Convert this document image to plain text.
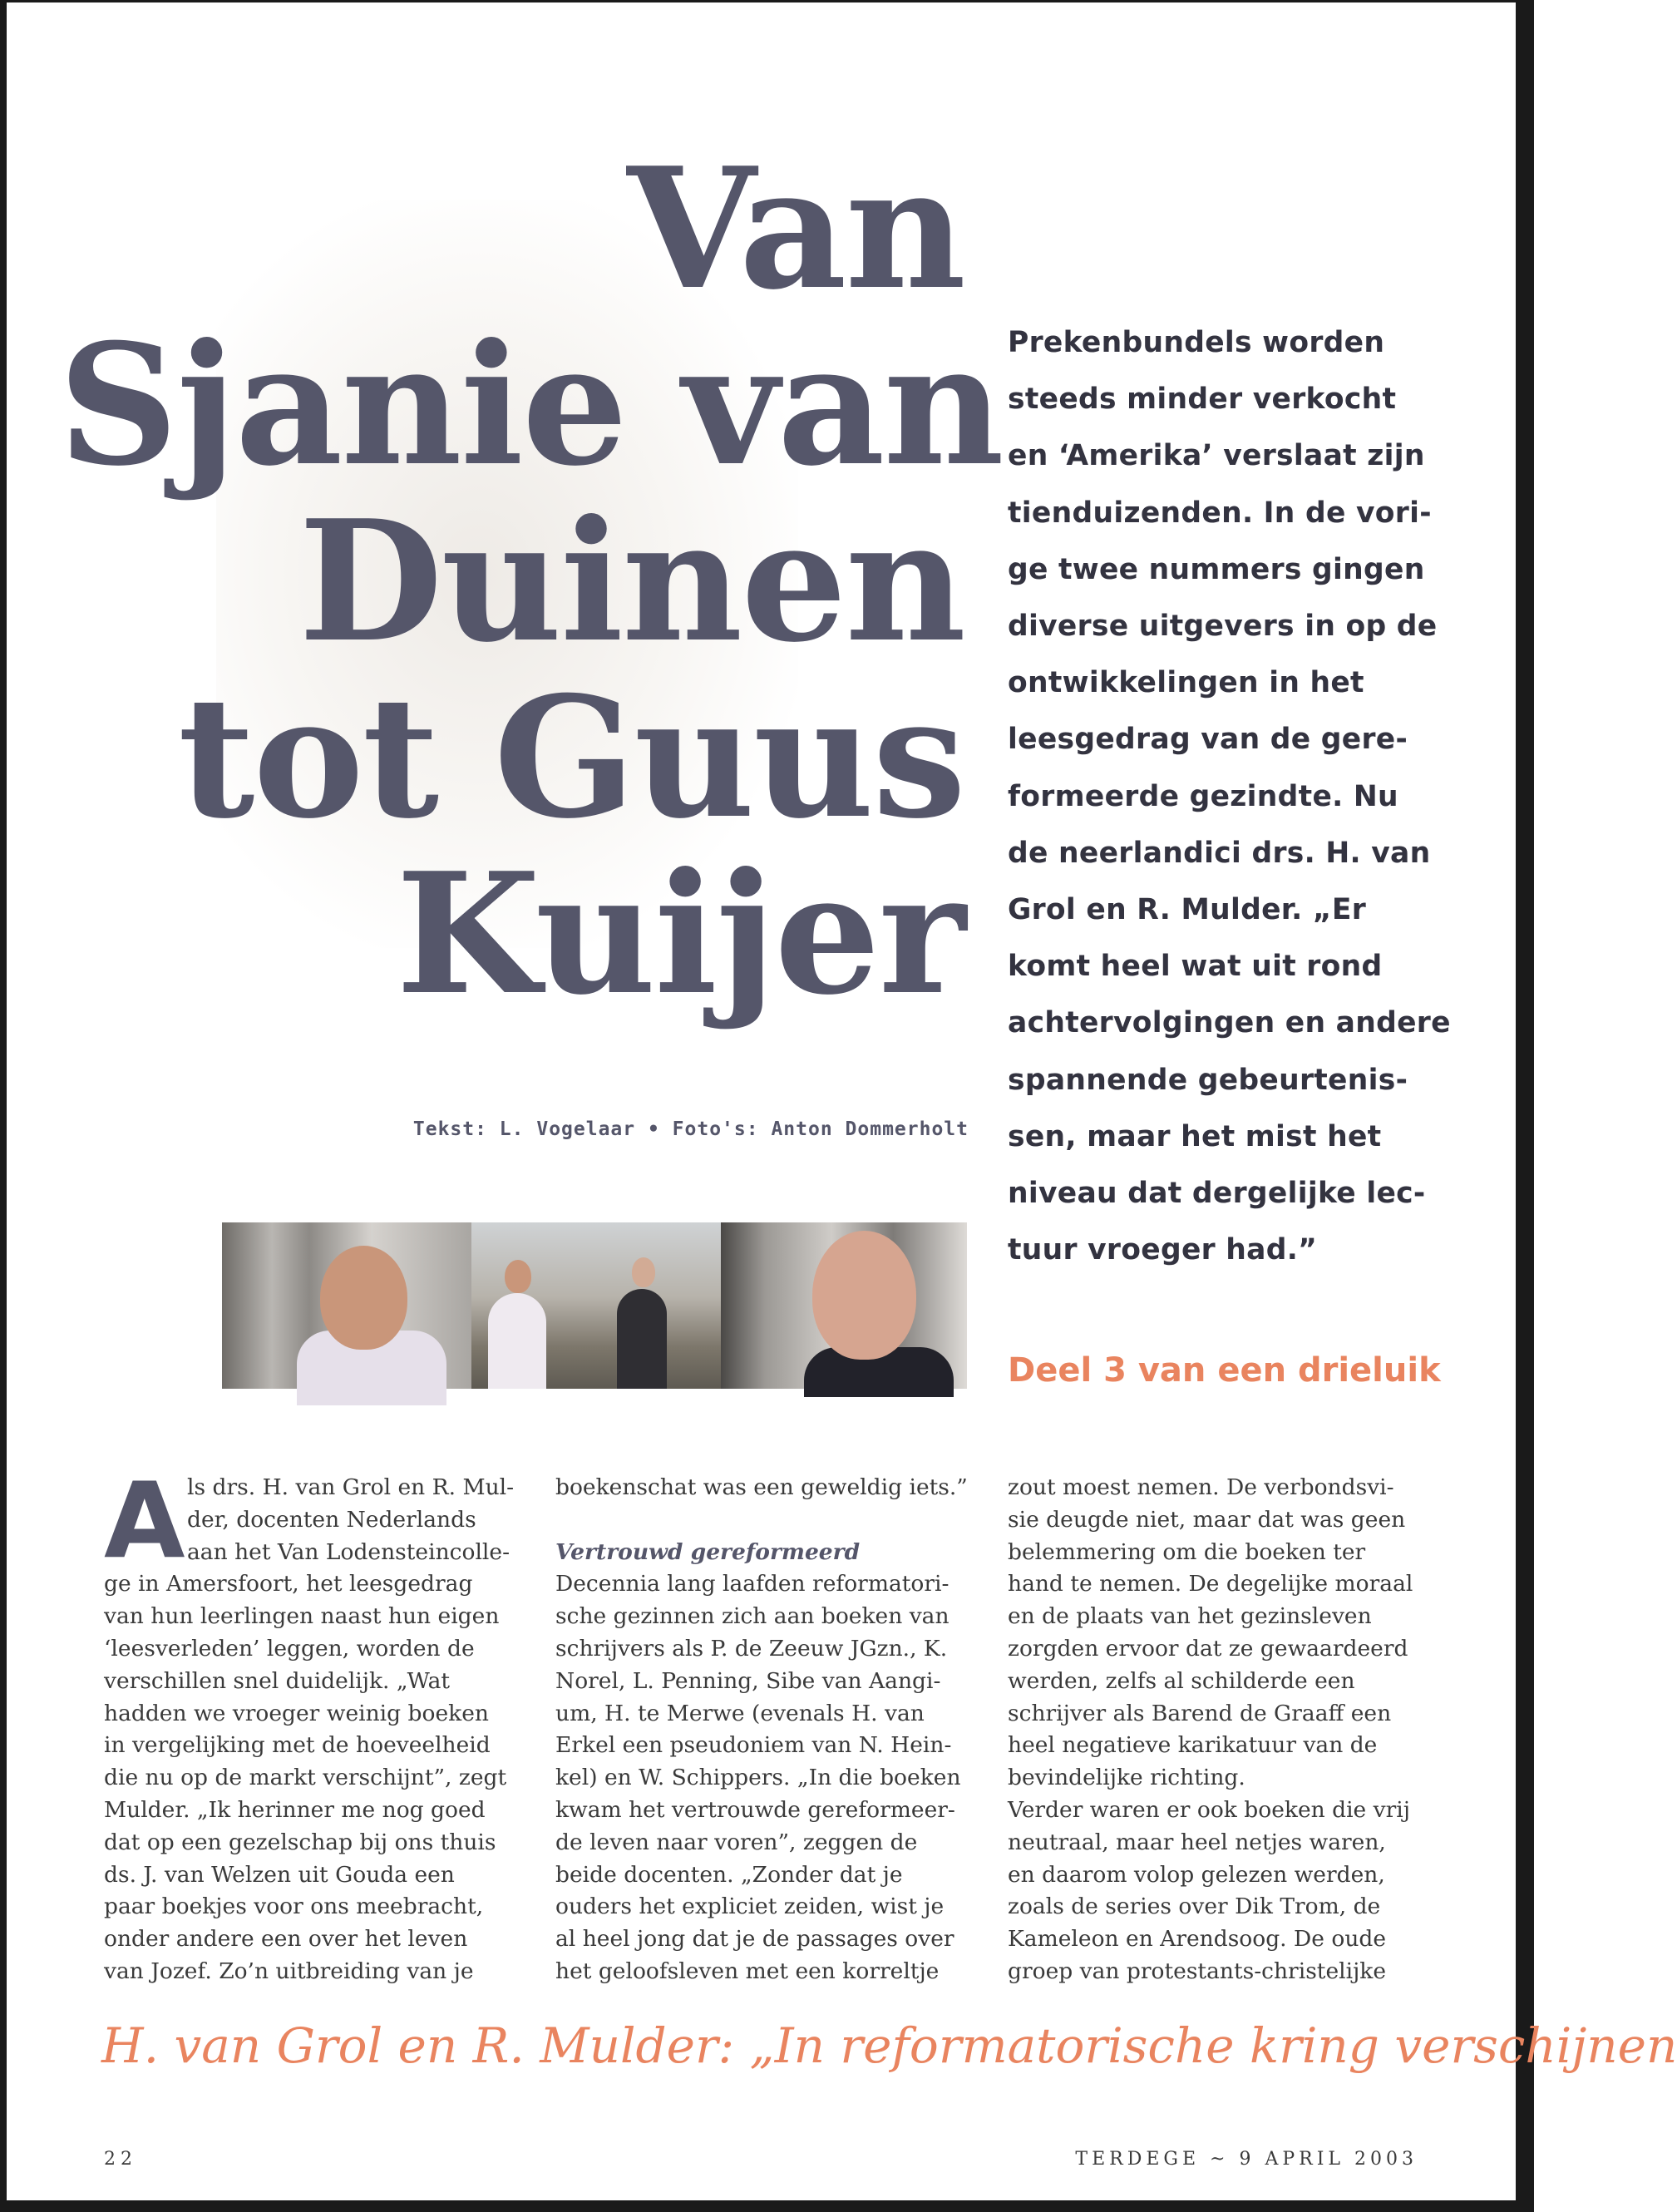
Van
Sjanie van
Duinen
tot Guus
Kuijer
Tekst: L. Vogelaar • Foto's: Anton Dommerholt
Prekenbundels worden
steeds minder verkocht
en ‘Amerika’ verslaat zijn
tienduizenden. In de vori-
ge twee nummers gingen
diverse uitgevers in op de
ontwikkelingen in het
leesgedrag van de gere-
formeerde gezindte. Nu
de neerlandici drs. H. van
Grol en R. Mulder. „Er
komt heel wat uit rond
achtervolgingen en andere
spannende gebeurtenis-
sen, maar het mist het
niveau dat dergelijke lec-
tuur vroeger had.”
Deel 3 van een drieluik
A ls drs. H. van Grol en R. Mul-

der, docenten Nederlands

aan het Van Lodensteincolle-

ge in Amersfoort, het leesgedrag

van hun leerlingen naast hun eigen

‘leesverleden’ leggen, worden de

verschillen snel duidelijk. „Wat

hadden we vroeger weinig boeken

in vergelijking met de hoeveelheid

die nu op de markt verschijnt”, zegt

Mulder. „Ik herinner me nog goed

dat op een gezelschap bij ons thuis

ds. J. van Welzen uit Gouda een

paar boekjes voor ons meebracht,

onder andere een over het leven

van Jozef. Zo’n uitbreiding van je

boekenschat was een geweldig iets.”

Vertrouwd gereformeerd

Decennia lang laafden reformatori-

sche gezinnen zich aan boeken van

schrijvers als P. de Zeeuw JGzn., K.

Norel, L. Penning, Sibe van Aangi-

um, H. te Merwe (evenals H. van

Erkel een pseudoniem van N. Hein-

kel) en W. Schippers. „In die boeken

kwam het vertrouwde gereformeer-

de leven naar voren”, zeggen de

beide docenten. „Zonder dat je

ouders het expliciet zeiden, wist je

al heel jong dat je de passages over

het geloofsleven met een korreltje

zout moest nemen. De verbondsvi-

sie deugde niet, maar dat was geen

belemmering om die boeken ter

hand te nemen. De degelijke moraal

en de plaats van het gezinsleven

zorgden ervoor dat ze gewaardeerd

werden, zelfs al schilderde een

schrijver als Barend de Graaff een

heel negatieve karikatuur van de

bevindelijke richting.

Verder waren er ook boeken die vrij

neutraal, maar heel netjes waren,

en daarom volop gelezen werden,

zoals de series over Dik Trom, de

Kameleon en Arendsoog. De oude

groep van protestants-christelijke

H. van Grol en R. Mulder: „In reformatorische kring verschijnen
22	TERDEGE ~ 9 APRIL 2003
